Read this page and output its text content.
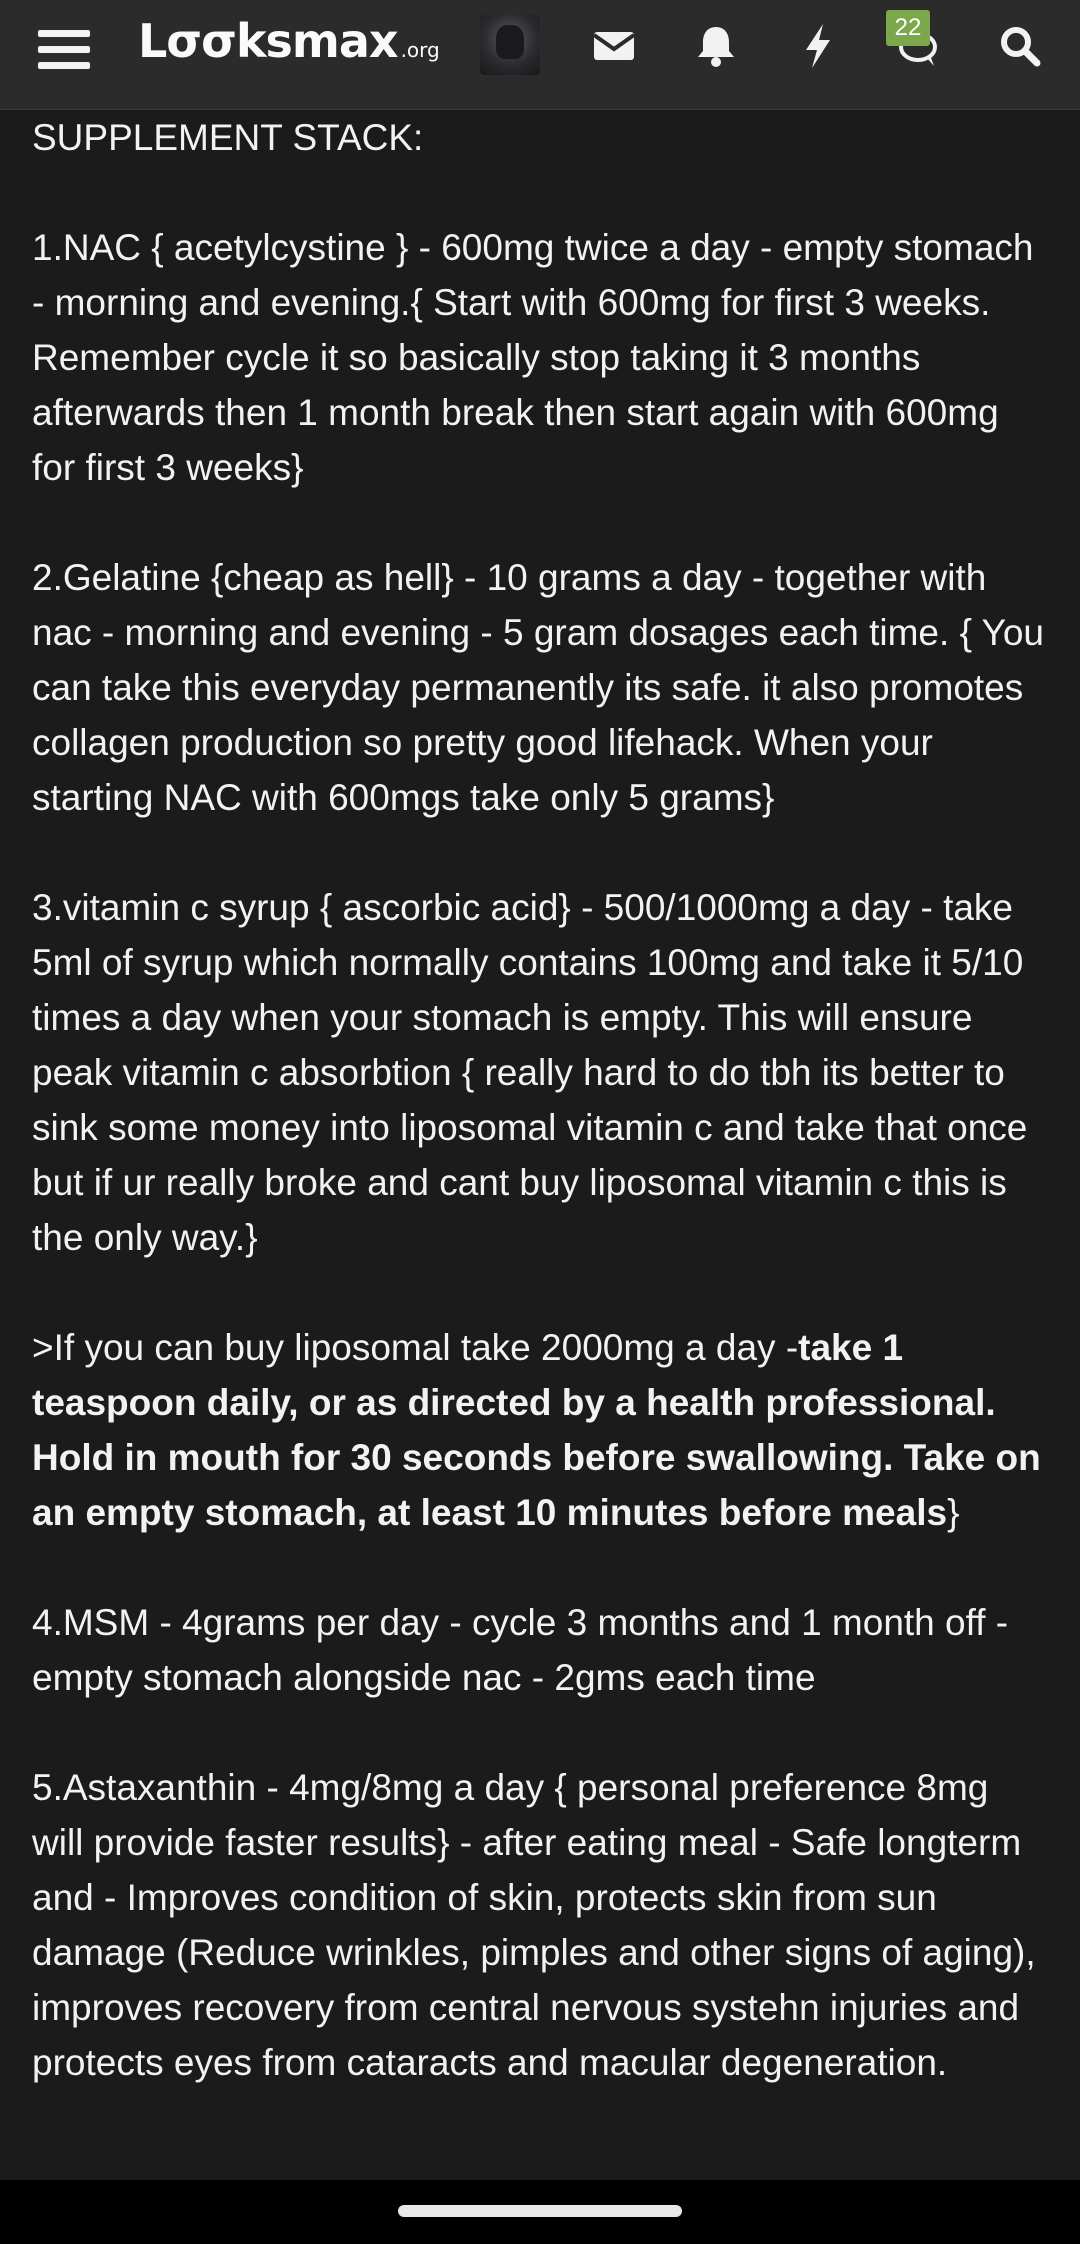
Lσσksmax .org
22

SUPPLEMENT STACK:

1.NAC { acetylcystine } - 600mg twice a day - empty stomach - morning and evening.{ Start with 600mg for first 3 weeks. Remember cycle it so basically stop taking it 3 months afterwards then 1 month break then start again with 600mg for first 3 weeks}

2.Gelatine {cheap as hell} - 10 grams a day - together with nac - morning and evening - 5 gram dosages each time. { You can take this everyday permanently its safe. it also promotes collagen production so pretty good lifehack. When your starting NAC with 600mgs take only 5 grams}

3.vitamin c syrup { ascorbic acid} - 500/1000mg a day - take 5ml of syrup which normally contains 100mg and take it 5/10 times a day when your stomach is empty. This will ensure peak vitamin c absorbtion { really hard to do tbh its better to sink some money into liposomal vitamin c and take that once but if ur really broke and cant buy liposomal vitamin c this is the only way.}

>If you can buy liposomal take 2000mg a day -take 1 teaspoon daily, or as directed by a health professional. Hold in mouth for 30 seconds before swallowing. Take on an empty stomach, at least 10 minutes before meals}

4.MSM - 4grams per day - cycle 3 months and 1 month off - empty stomach alongside nac - 2gms each time

5.Astaxanthin - 4mg/8mg a day { personal preference 8mg will provide faster results} - after eating meal - Safe longterm and - Improves condition of skin, protects skin from sun damage (Reduce wrinkles, pimples and other signs of aging), improves recovery from central nervous systehn injuries and protects eyes from cataracts and macular degeneration.
